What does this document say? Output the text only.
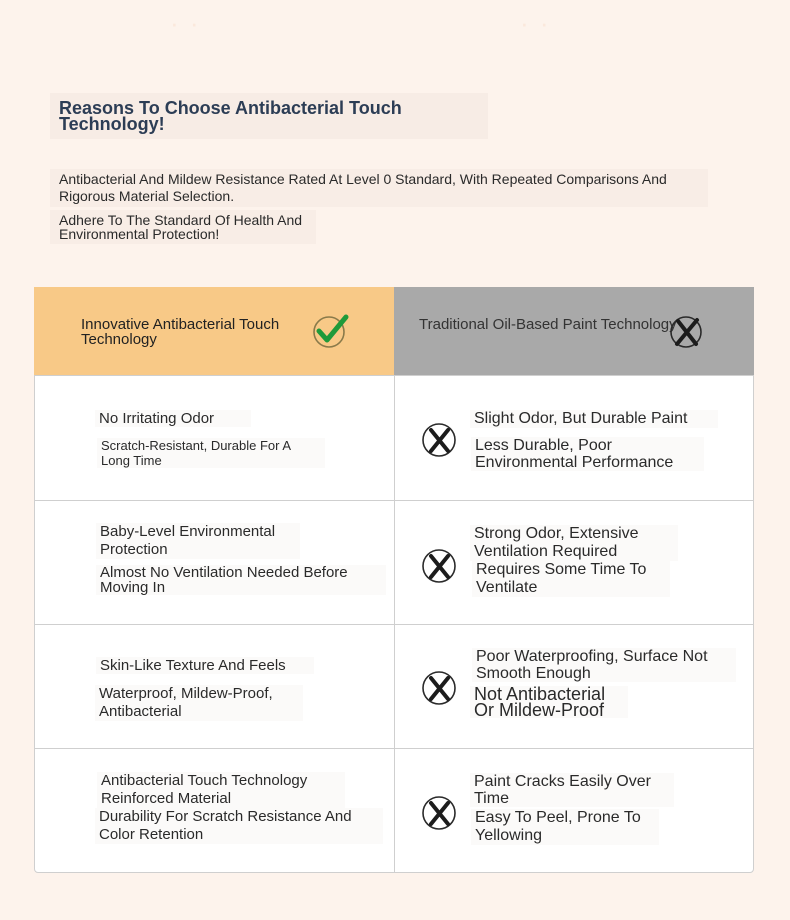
· ·	· ·
Reasons To Choose Antibacterial Touch Technology!
Antibacterial And Mildew Resistance Rated At Level 0 Standard, With Repeated Comparisons And Rigorous Material Selection.
Adhere To The Standard Of Health And Environmental Protection!
Innovative Antibacterial Touch Technology
Traditional Oil-Based Paint Technology
No Irritating Odor
Scratch-Resistant, Durable For A Long Time
Slight Odor, But Durable Paint
Less Durable, Poor Environmental Performance
Baby-Level Environmental Protection
Almost No Ventilation Needed Before Moving In
Strong Odor, Extensive Ventilation Required
Requires Some Time To Ventilate
Skin-Like Texture And Feels
Waterproof, Mildew-Proof, Antibacterial
Poor Waterproofing, Surface Not Smooth Enough
Not Antibacterial Or Mildew-Proof
Antibacterial Touch Technology Reinforced Material
Durability For Scratch Resistance And Color Retention
Paint Cracks Easily Over Time
Easy To Peel, Prone To Yellowing
